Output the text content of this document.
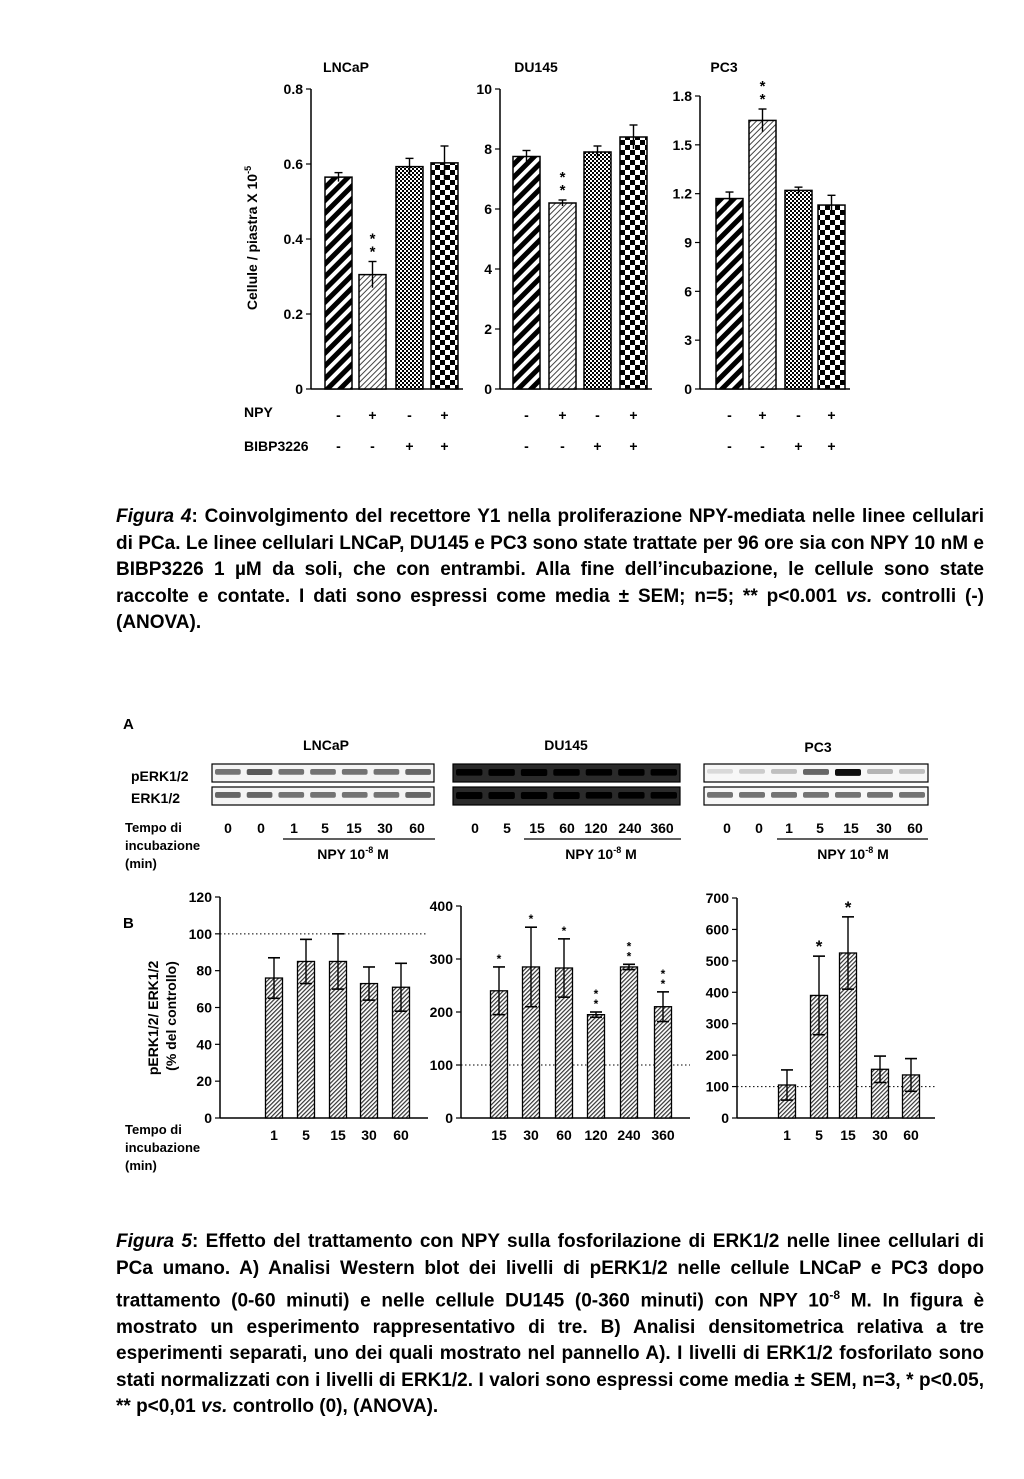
Cellule / piastra X $10^{-5}$
NPY
BIBP3226
LNCaP
0
0.2
0.4
0.6
0.8
-
-
* *
+
-
-
+
+
+
DU145
0
2
4
6
8
10
-
-
* *
+
-
-
+
+
+
PC3
0
3
6
9
1.2
1.5
1.8
-
-
* *
+
-
-
+
+
+
A
B
pERK1/2
ERK1/2
Tempo di incubazione (min)
LNCaP
0 0 1 5 15 30 60
NPY $10^{-8}$ M
DU145
0 5 15 60 120 240 360
NPY $10^{-8}$ M
PC3
0 0 1 5 15 30 60
NPY $10^{-8}$ M
pERK1/2/ ERK1/2 (% del controllo)
Tempo di incubazione (min)
0
20
40
60
80
100
120
1 5 15 30 60
0
100
200
300
400
*
15
*
30
*
60
* *
120
* *
240
* *
360
0
100
200
300
400
500
600
700
1
*
5
*
15 30 60
Figura 4: Coinvolgimento del recettore Y1 nella proliferazione NPY-mediata nelle linee cellulari di PCa. Le linee cellulari LNCaP, DU145 e PC3 sono state trattate per 96 ore sia con NPY 10 nM e BIBP3226 1 µM da soli, che con entrambi. Alla fine dell’incubazione, le cellule sono state raccolte e contate. I dati sono espressi come media ± SEM; n=5; ** p<0.001 vs. controlli (-) (ANOVA).
Figura 5: Effetto del trattamento con NPY sulla fosforilazione di ERK1/2 nelle linee cellulari di PCa umano. A) Analisi Western blot dei livelli di pERK1/2 nelle cellule LNCaP e PC3 dopo trattamento (0-60 minuti) e nelle cellule DU145 (0-360 minuti) con NPY $10^{-8}$ M. In figura è mostrato un esperimento rappresentativo di tre. B) Analisi densitometrica relativa a tre esperimenti separati, uno dei quali mostrato nel pannello A). I livelli di ERK1/2 fosforilato sono stati normalizzati con i livelli di ERK1/2. I valori sono espressi come media ± SEM, n=3, * p<0.05, ** p<0,01 vs. controllo (0), (ANOVA).
